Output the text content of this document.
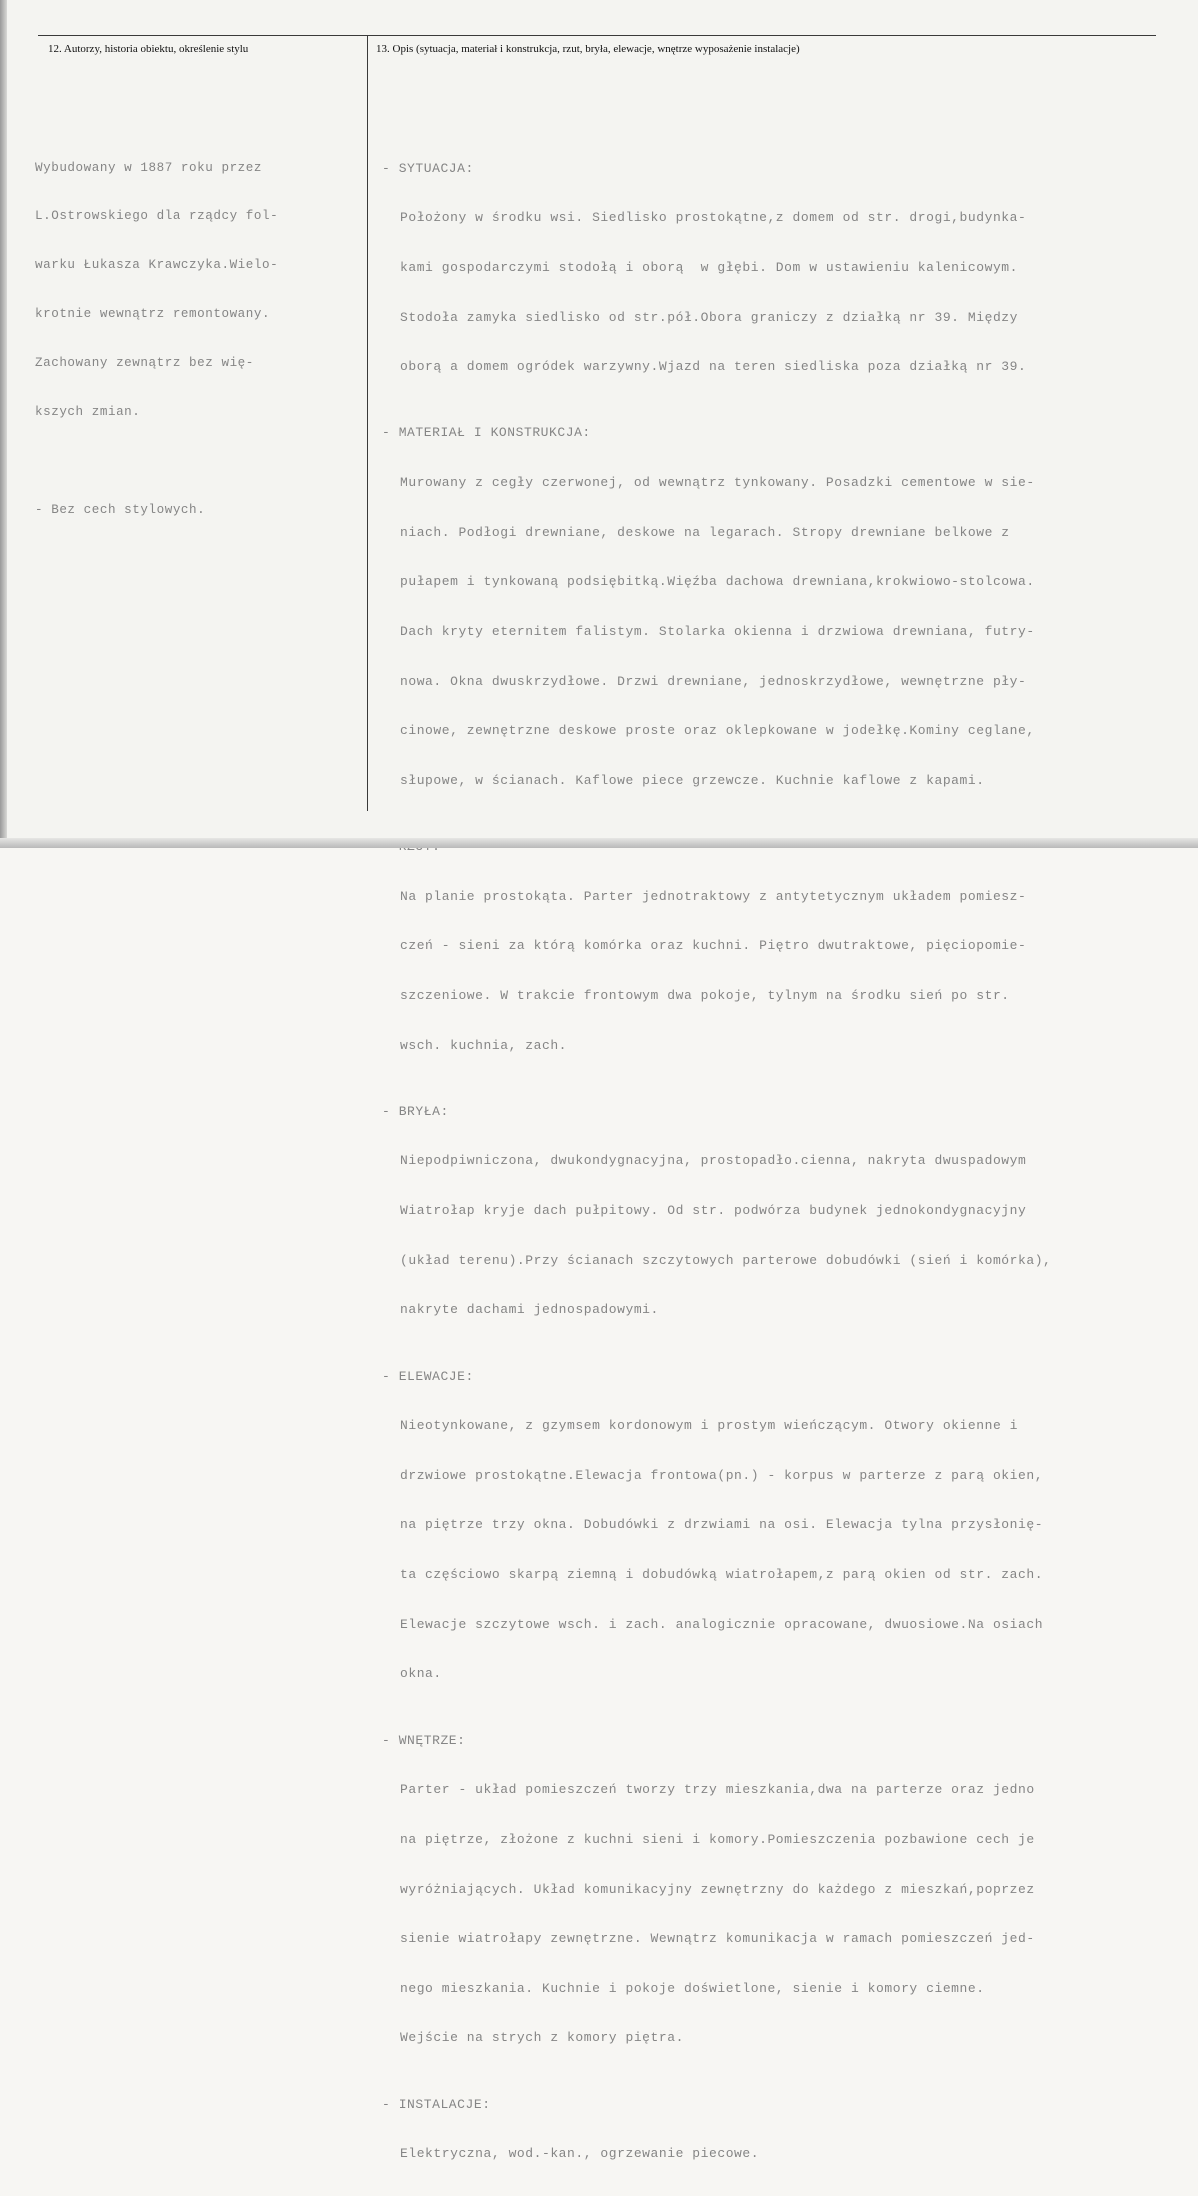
12. Autorzy, historia obiektu, określenie stylu	13. Opis (sytuacja, materiał i konstrukcja, rzut, bryła, elewacje, wnętrze wyposażenie instalacje)

Wybudowany w 1887 roku przez

L.Ostrowskiego dla rządcy fol-

warku Łukasza Krawczyka.Wielo-

krotnie wewnątrz remontowany.

Zachowany zewnątrz bez wię-

kszych zmian.

- Bez cech stylowych.

- SYTUACJA:

Położony w środku wsi. Siedlisko prostokątne,z domem od str. drogi,budynka-

kami gospodarczymi stodołą i oborą  w głębi. Dom w ustawieniu kalenicowym.

Stodoła zamyka siedlisko od str.pół.Obora graniczy z działką nr 39. Między

oborą a domem ogródek warzywny.Wjazd na teren siedliska poza działką nr 39.

- MATERIAŁ I KONSTRUKCJA:

Murowany z cegły czerwonej, od wewnątrz tynkowany. Posadzki cementowe w sie-

niach. Podłogi drewniane, deskowe na legarach. Stropy drewniane belkowe z

pułapem i tynkowaną podsiębitką.Więźba dachowa drewniana,krokwiowo-stolcowa.

Dach kryty eternitem falistym. Stolarka okienna i drzwiowa drewniana, futry-

nowa. Okna dwuskrzydłowe. Drzwi drewniane, jednoskrzydłowe, wewnętrzne pły-

cinowe, zewnętrzne deskowe proste oraz oklepkowane w jodełkę.Kominy ceglane,

słupowe, w ścianach. Kaflowe piece grzewcze. Kuchnie kaflowe z kapami.

Na planie prostokąta. Parter jednotraktowy z antytetycznym układem pomiesz-

czeń - sieni za którą komórka oraz kuchni. Piętro dwutraktowe, pięciopomie-

szczeniowe. W trakcie frontowym dwa pokoje, tylnym na środku sień po str.

wsch. kuchnia, zach.

- BRYŁA:

Niepodpiwniczona, dwukondygnacyjna, prostopadło.cienna, nakryta dwuspadowym

Wiatrołap kryje dach pułpitowy. Od str. podwórza budynek jednokondygnacyjny

(układ terenu).Przy ścianach szczytowych parterowe dobudówki (sień i komórka),

nakryte dachami jednospadowymi.

- ELEWACJE:

Nieotynkowane, z gzymsem kordonowym i prostym wieńczącym. Otwory okienne i

drzwiowe prostokątne.Elewacja frontowa(pn.) - korpus w parterze z parą okien,

na piętrze trzy okna. Dobudówki z drzwiami na osi. Elewacja tylna przysłonię-

ta częściowo skarpą ziemną i dobudówką wiatrołapem,z parą okien od str. zach.

Elewacje szczytowe wsch. i zach. analogicznie opracowane, dwuosiowe.Na osiach

okna.

- WNĘTRZE:

Parter - układ pomieszczeń tworzy trzy mieszkania,dwa na parterze oraz jedno

na piętrze, złożone z kuchni sieni i komory.Pomieszczenia pozbawione cech je

wyróżniających. Układ komunikacyjny zewnętrzny do każdego z mieszkań,poprzez

sienie wiatrołapy zewnętrzne. Wewnątrz komunikacja w ramach pomieszczeń jed-

nego mieszkania. Kuchnie i pokoje doświetlone, sienie i komory ciemne.

Wejście na strych z komory piętra.

- INSTALACJE:

Elektryczna, wod.-kan., ogrzewanie piecowe.
